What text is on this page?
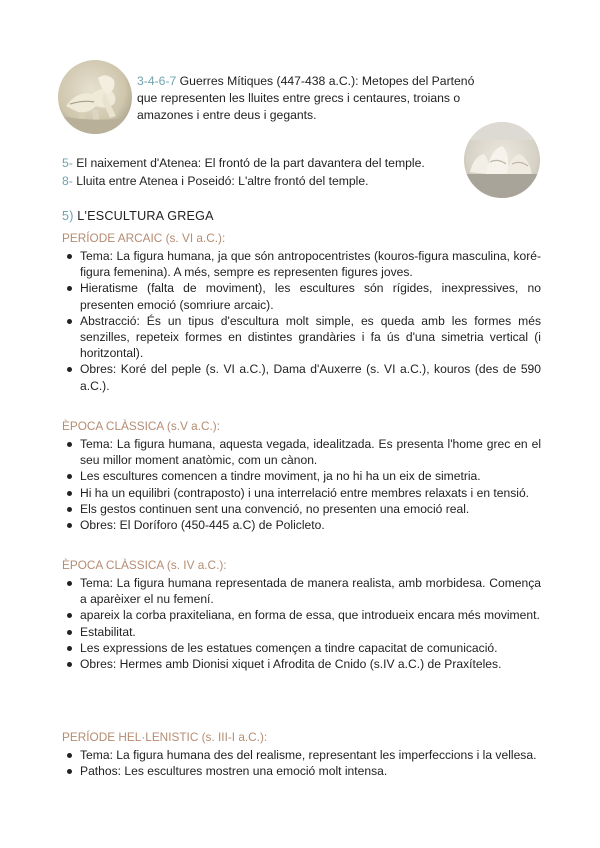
3-4-6-7 Guerres Mítiques (447-438 a.C.): Metopes del Partenó
que representen les lluites entre grecs i centaures, troians o
amazones i entre deus i gegants.
5- El naixement d'Atenea: El frontó de la part davantera del temple.
8- Lluita entre Atenea i Poseidó: L'altre frontó del temple.
5) L'ESCULTURA GREGA
PERÍODE ARCAIC (s. VI a.C.):
Tema: La figura humana, ja que són antropocentristes (kouros-figura masculina, koré-figura femenina). A més, sempre es representen figures joves.
Hieratisme (falta de moviment), les escultures són rígides, inexpressives, no presenten emoció (somriure arcaic).
Abstracció: És un tipus d'escultura molt simple, es queda amb les formes més senzilles, repeteix formes en distintes grandàries i fa ús d'una simetria vertical (i horitzontal).
Obres: Koré del peple (s. VI a.C.), Dama d'Auxerre (s. VI a.C.), kouros (des de 590 a.C.).
ÈPOCA CLÀSSICA (s.V a.C.):
Tema: La figura humana, aquesta vegada, idealitzada. Es presenta l'home grec en el seu millor moment anatòmic, com un cànon.
Les escultures comencen a tindre moviment, ja no hi ha un eix de simetria.
Hi ha un equilibri (contraposto) i una interrelació entre membres relaxats i en tensió.
Els gestos continuen sent una convenció, no presenten una emoció real.
Obres: El Doríforo (450-445 a.C) de Policleto.
ÈPOCA CLÀSSICA (s. IV a.C.):
Tema: La figura humana representada de manera realista, amb morbidesa. Comença a aparèixer el nu femení.
apareix la corba praxiteliana, en forma de essa, que introdueix encara més moviment.
Estabilitat.
Les expressions de les estatues començen a tindre capacitat de comunicació.
Obres: Hermes amb Dionisi xiquet i Afrodita de Cnido (s.IV a.C.) de Praxíteles.
PERÍODE HEL·LENISTIC (s. III-I a.C.):
Tema: La figura humana des del realisme, representant les imperfeccions i la vellesa.
Pathos: Les escultures mostren una emoció molt intensa.
